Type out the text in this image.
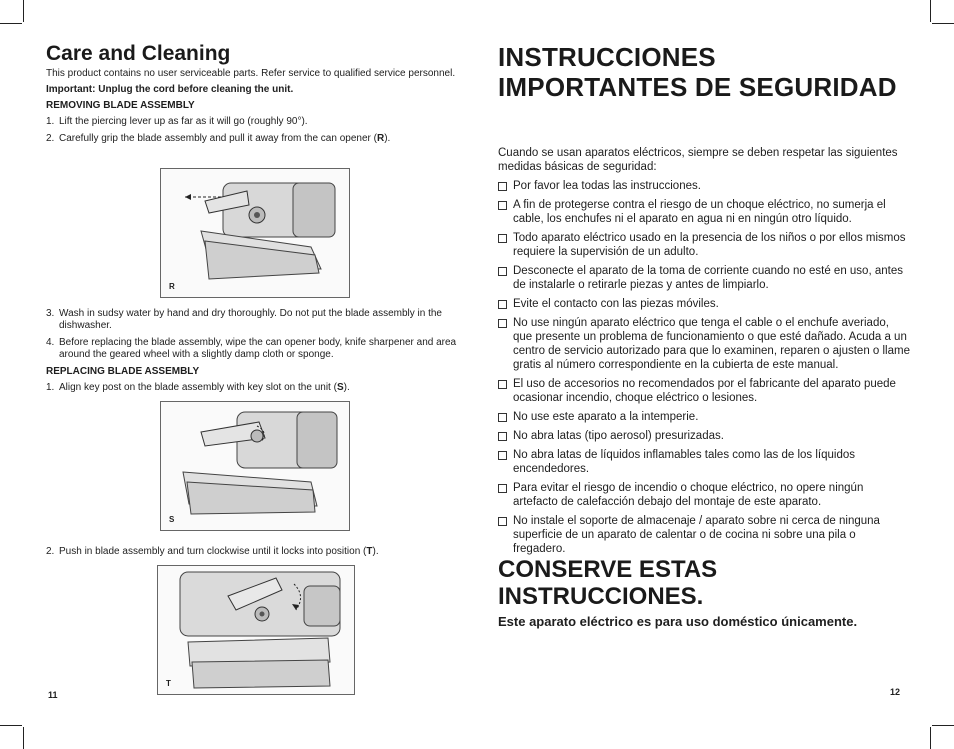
Care and Cleaning

This product contains no user serviceable parts. Refer service to qualified service personnel.

Important: Unplug the cord before cleaning the unit.

REMOVING BLADE ASSEMBLY

1. Lift the piercing lever up as far as it will go (roughly 90°).
2. Carefully grip the blade assembly and pull it away from the can opener (R).
R
3. Wash in sudsy water by hand and dry thoroughly. Do not put the blade assembly in the dishwasher.
4. Before replacing the blade assembly, wipe the can opener body, knife sharpener and area around the geared wheel with a slightly damp cloth or sponge.

REPLACING BLADE ASSEMBLY

1. Align key post on the blade assembly with key slot on the unit (S).
S
2. Push in blade assembly and turn clockwise until it locks into position (T).
T
11
INSTRUCCIONES IMPORTANTES DE SEGURIDAD

Cuando se usan aparatos eléctricos, siempre se deben respetar las siguientes medidas básicas de seguridad:

Por favor lea todas las instrucciones.
A fin de protegerse contra el riesgo de un choque eléctrico, no sumerja el cable, los enchufes ni el aparato en agua ni en ningún otro líquido.
Todo aparato eléctrico usado en la presencia de los niños o por ellos mismos requiere la supervisión de un adulto.
Desconecte el aparato de la toma de corriente cuando no esté en uso, antes de instalarle o retirarle piezas y antes de limpiarlo.
Evite el contacto con las piezas móviles.
No use ningún aparato eléctrico que tenga el cable o el enchufe averiado, que presente un problema de funcionamiento o que esté dañado. Acuda a un centro de servicio autorizado para que lo examinen, reparen o ajusten o llame gratis al número correspondiente en la cubierta de este manual.
El uso de accesorios no recomendados por el fabricante del aparato puede ocasionar incendio, choque eléctrico o lesiones.
No use este aparato a la intemperie.
No abra latas (tipo aerosol) presurizadas.
No abra latas de líquidos inflamables tales como las de los líquidos encendedores.
Para evitar el riesgo de incendio o choque eléctrico, no opere ningún artefacto de calefacción debajo del montaje de este aparato.
No instale el soporte de almacenaje / aparato sobre ni cerca de ninguna superficie de un aparato de calentar o de cocina ni sobre una pila o fregadero.
CONSERVE ESTAS INSTRUCCIONES.

Este aparato eléctrico es para uso doméstico únicamente.

12
